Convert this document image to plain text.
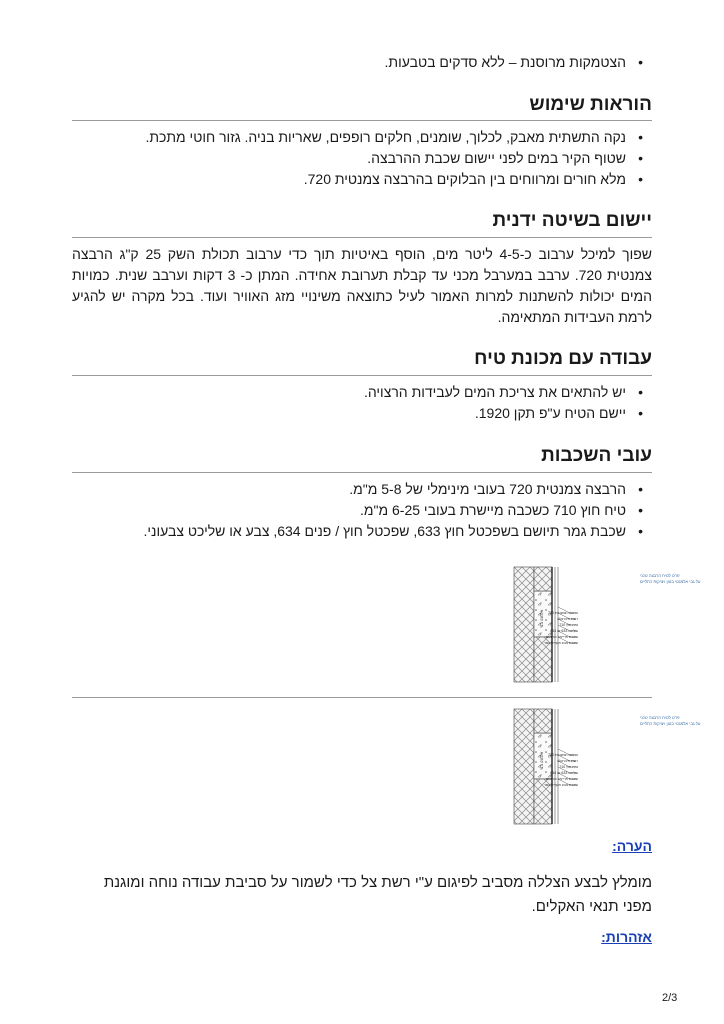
• הצטמקות מרוסנת – ללא סדקים בטבעות.
הוראות שימוש
• נקה התשתית מאבק, לכלוך, שומנים, חלקים רופפים, שאריות בניה. גזור חוטי מתכת.
• שטוף הקיר במים לפני יישום שכבת ההרבצה.
• מלא חורים ומרווחים בין הבלוקים בהרבצה צמנטית 720.
יישום בשיטה ידנית

שפוך למיכל ערבוב כ-4-5 ליטר מים, הוסף באיטיות תוך כדי ערבוב תכולת השק 25 ק"ג הרבצה צמנטית 720. ערבב במערבל מכני עד קבלת תערובת אחידה. המתן כ- 3 דקות וערבב שנית. כמויות המים יכולות להשתנות למרות האמור לעיל כתוצאה משינויי מזג האוויר ועוד. בכל מקרה יש להגיע לרמת העבידות המתאימה.

עבודה עם מכונת טיח
• יש להתאים את צריכת המים לעבידות הרצויה.
• יישם הטיח ע"פ תקן 1920.
עובי השכבות
• הרבצה צמנטית 720 בעובי מינימלי של 5-8 מ"מ.
• טיח חוץ 710 כשכבה מיישרת בעובי 6-25 מ"מ.
• שכבת גמר תיושם בשפכטל חוץ 633, שפכטל חוץ / פנים 634, צבע או שליכט צבעוני.
אלמנט בנוי
פרט לטיח הרבצה טכני
על גבי אלמנטי בטון ויציקות כתליים
הרבצה צמנטית 720
רשת פיברגלס
טיח חוץ 710
שליכט 633 או 634
שכבת פריימר מתאים
שכבת צבע אקרילי גמר
אלמנט בנוי
פרט לטיח הרבצה טכני
על גבי אלמנטי בטון ויציקות כתליים
הרבצה צמנטית 720
רשת פיברגלס
טיח חוץ 710
שליכט 633 או 634
שכבת פריימר מתאים
שכבת צבע אקרילי גמר
הערה:
מומלץ לבצע הצללה מסביב לפיגום ע"י רשת צל כדי לשמור על סביבת עבודה נוחה ומוגנת מפני תנאי האקלים.
אזהרות:
2/3
